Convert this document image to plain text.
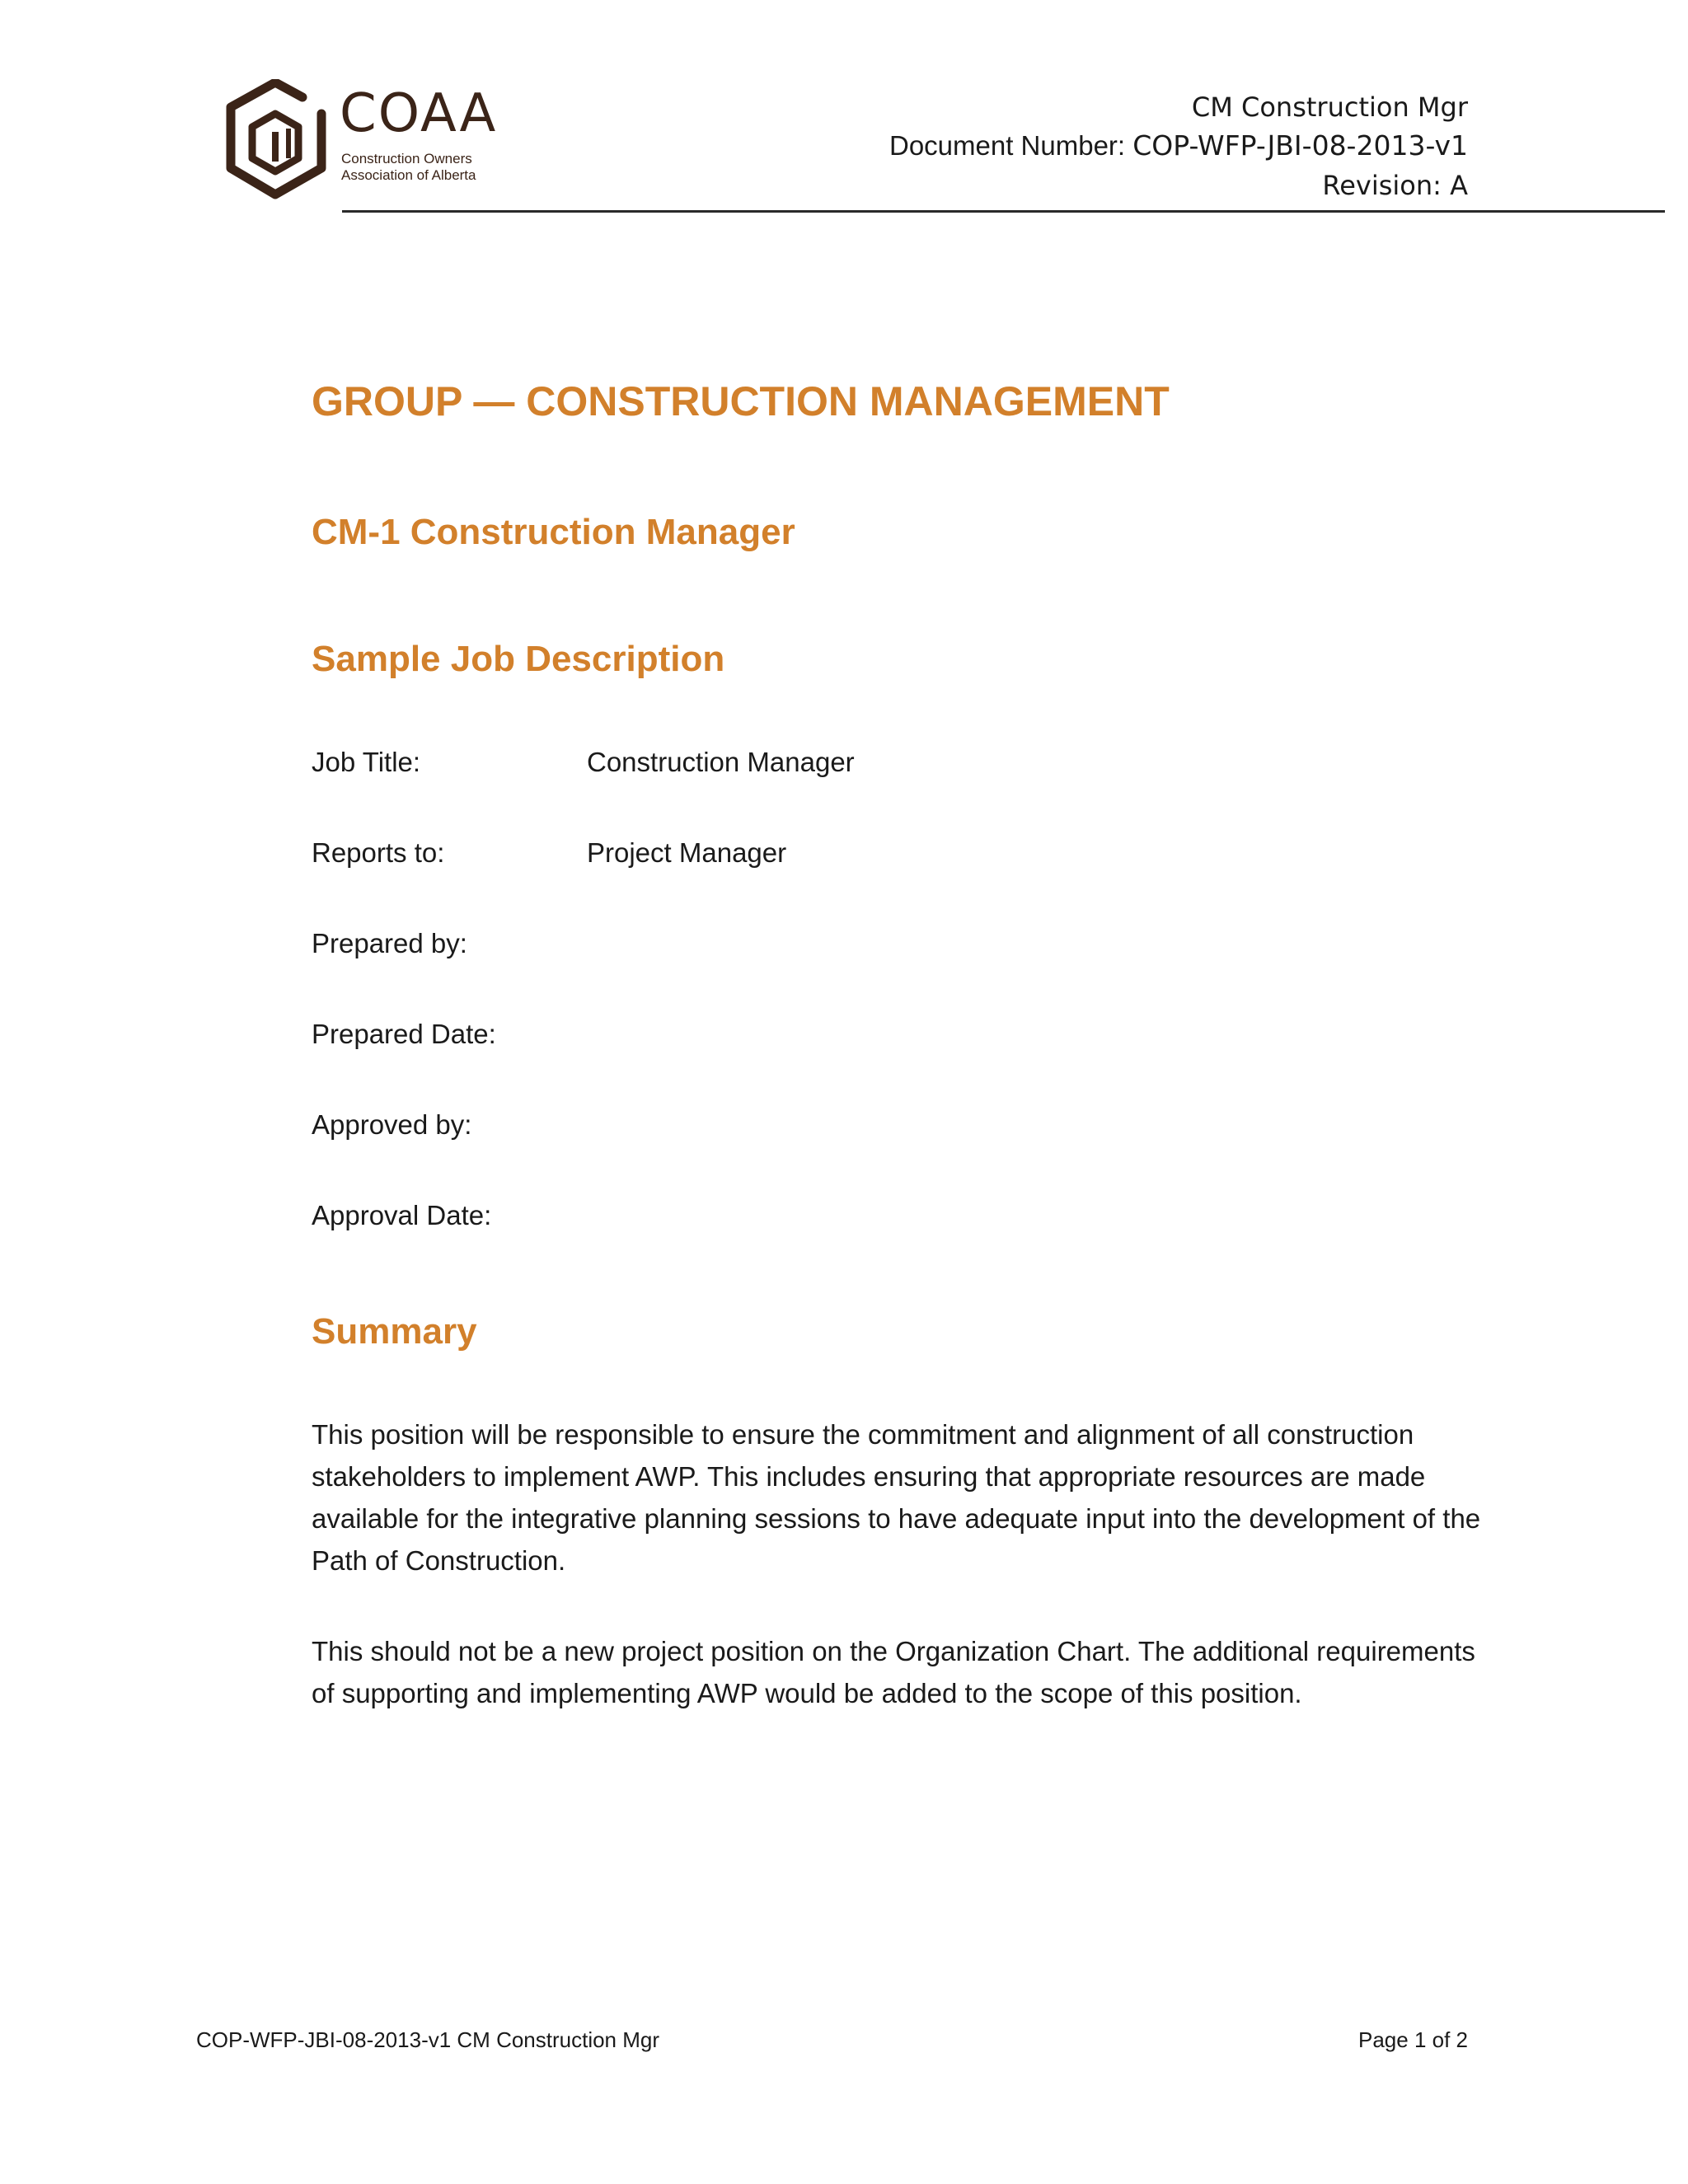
COAA
Construction Owners
Association of Alberta
CM Construction Mgr
Document Number: COP-WFP-JBI-08-2013-v1
Revision: A
GROUP — CONSTRUCTION MANAGEMENT
CM-1 Construction Manager
Sample Job Description
Job Title:	Construction Manager
Reports to:	Project Manager
Prepared by:
Prepared Date:
Approved by:
Approval Date:
Summary

This position will be responsible to ensure the commitment and alignment of all construction stakeholders to implement AWP. This includes ensuring that appropriate resources are made available for the integrative planning sessions to have adequate input into the development of the Path of Construction.

This should not be a new project position on the Organization Chart. The additional requirements of supporting and implementing AWP would be added to the scope of this position.

COP-WFP-JBI-08-2013-v1 CM Construction Mgr	Page 1 of 2
